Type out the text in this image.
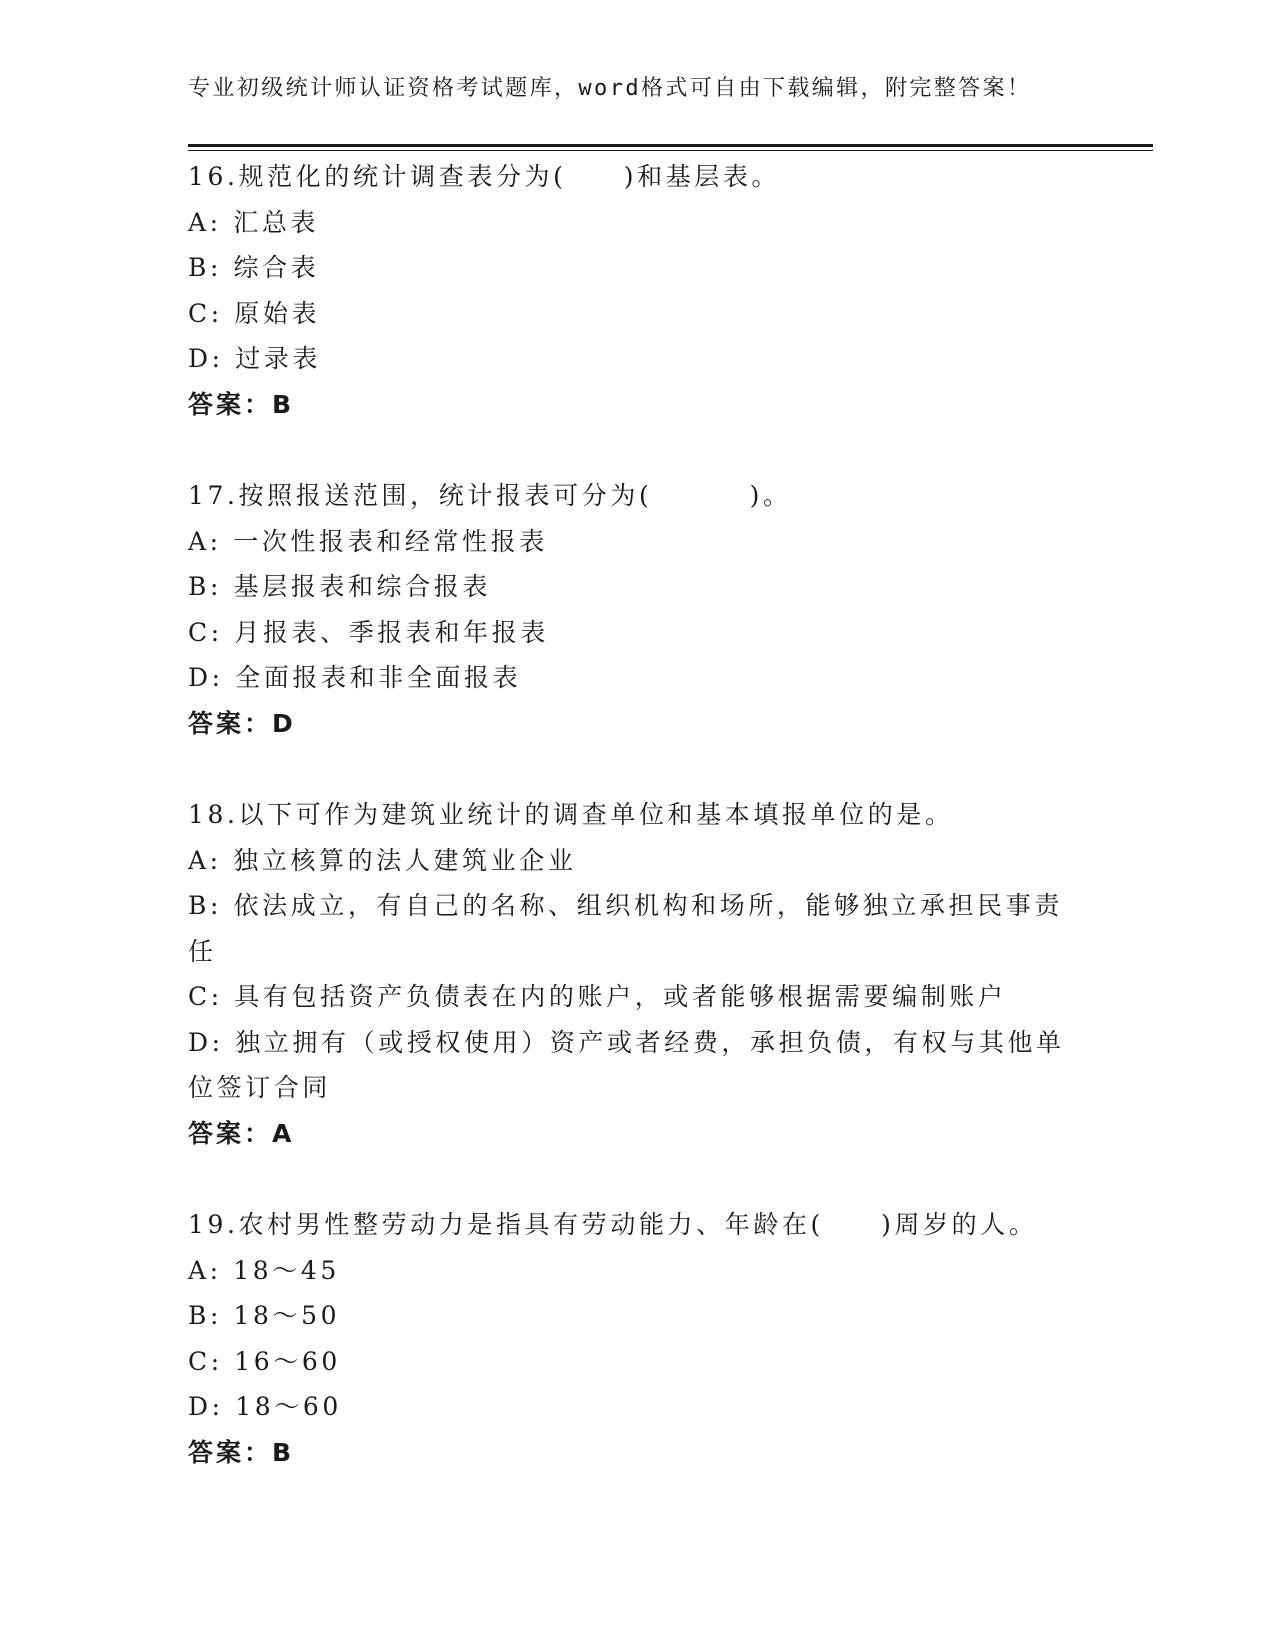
专业初级统计师认证资格考试题库，word格式可自由下载编辑，附完整答案！
16.规范化的统计调查表分为(　　)和基层表。
A: 汇总表
B: 综合表
C: 原始表
D: 过录表
答案：B
17.按照报送范围，统计报表可分为(　　　 )。
A: 一次性报表和经常性报表
B: 基层报表和综合报表
C: 月报表、季报表和年报表
D: 全面报表和非全面报表
答案：D
18.以下可作为建筑业统计的调查单位和基本填报单位的是。
A: 独立核算的法人建筑业企业
B: 依法成立，有自己的名称、组织机构和场所，能够独立承担民事责任
C: 具有包括资产负债表在内的账户，或者能够根据需要编制账户
D: 独立拥有（或授权使用）资产或者经费，承担负债，有权与其他单位签订合同
答案：A
19.农村男性整劳动力是指具有劳动能力、年龄在(　　)周岁的人。
A: 18～45
B: 18～50
C: 16～60
D: 18～60
答案：B
